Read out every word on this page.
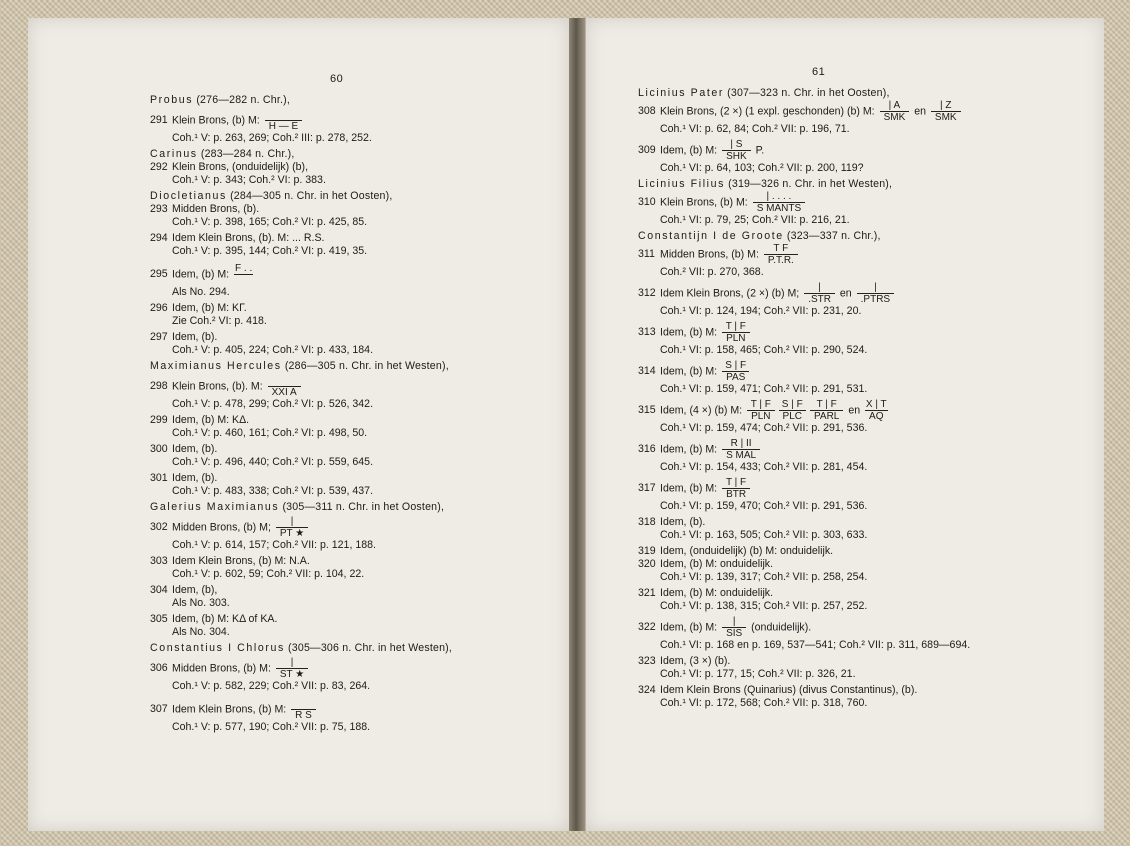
60
61
Probus (276—282 n. Chr.),
291 Klein Brons, (b) M:

H — E
Coh.¹ V: p. 263, 269; Coh.² III: p. 278, 252.
Carinus (283—284 n. Chr.),
292 Klein Brons, (onduidelijk) (b),
Coh.¹ V: p. 343; Coh.² VI: p. 383.
Diocletianus (284—305 n. Chr. in het Oosten),
293 Midden Brons, (b).
Coh.¹ V: p. 398, 165; Coh.² VI: p. 425, 85.
294 Idem Klein Brons, (b). M: ... R.S.
Coh.¹ V: p. 395, 144; Coh.² VI: p. 419, 35.
295 Idem, (b) M: F . .

Als No. 294.
296 Idem, (b) M: KΓ.
Zie Coh.² VI: p. 418.
297 Idem, (b).
Coh.¹ V: p. 405, 224; Coh.² VI: p. 433, 184.
Maximianus Hercules (286—305 n. Chr. in het Westen),
298 Klein Brons, (b). M:

XXI A
Coh.¹ V: p. 478, 299; Coh.² VI: p. 526, 342.
299 Idem, (b) M: KΔ.
Coh.¹ V: p. 460, 161; Coh.² VI: p. 498, 50.
300 Idem, (b).
Coh.¹ V: p. 496, 440; Coh.² VI: p. 559, 645.
301 Idem, (b).
Coh.¹ V: p. 483, 338; Coh.² VI: p. 539, 437.
Galerius Maximianus (305—311 n. Chr. in het Oosten),
302 Midden Brons, (b) M; $\frac{|}{PT ★}$
Coh.¹ V: p. 614, 157; Coh.² VII: p. 121, 188.
303 Idem Klein Brons, (b) M: N.A.
Coh.¹ V: p. 602, 59; Coh.² VII: p. 104, 22.
304 Idem, (b),
Als No. 303.
305 Idem, (b) M: KΔ of KA.
Als No. 304.
Constantius I Chlorus (305—306 n. Chr. in het Westen),
306 Midden Brons, (b) M: $\frac{|}{ST ★}$
Coh.¹ V: p. 582, 229; Coh.² VII: p. 83, 264.
307 Idem Klein Brons, (b) M:

R S
Coh.¹ V: p. 577, 190; Coh.² VII: p. 75, 188.
Licinius Pater (307—323 n. Chr. in het Oosten),
308 Klein Brons, (2 ×) (1 expl. geschonden) (b) M: $\frac{| A}{\text{SMK}}$ en $\frac{| Z}{\text{SMK}}$
Coh.¹ VI: p. 62, 84; Coh.² VII: p. 196, 71.
309 Idem, (b) M: $\frac{| S}{\text{SHK}} P$.
Coh.¹ VI: p. 64, 103; Coh.² VII: p. 200, 119?
Licinius Filius (319—326 n. Chr. in het Westen),
310 Klein Brons, (b) M: $\frac{| . . . .}{\text{S MANTS}}$
Coh.¹ VI: p. 79, 25; Coh.² VII: p. 216, 21.
Constantijn I de Groote (323—337 n. Chr.),
311 Midden Brons, (b) M: $\frac{\text{T F}}{P.T.R.}$
Coh.² VII: p. 270, 368.
312 Idem Klein Brons, (2 ×) (b) M; $\frac{|}{\text{.STR}}$ en $\frac{|}{\text{.PTRS}}$
Coh.¹ VI: p. 124, 194; Coh.² VII: p. 231, 20.
313 Idem, (b) M: $\frac{T | F}{\text{PLN}}$
Coh.¹ VI: p. 158, 465; Coh.² VII: p. 290, 524.
314 Idem, (b) M: $\frac{S | F}{\text{PAS}}$
Coh.¹ VI: p. 159, 471; Coh.² VII: p. 291, 531.
315 Idem, (4 ×) (b) M: $\frac{T | F}{\text{PLN}} \frac{S | F}{\text{PLC}} \frac{T | F}{\text{PARL}}$ en $\frac{X | T}{AQ}$
Coh.¹ VI: p. 159, 474; Coh.² VII: p. 291, 536.
316 Idem, (b) M: $\frac{R | II}{\text{S MAL}}$
Coh.¹ VI: p. 154, 433; Coh.² VII: p. 281, 454.
317 Idem, (b) M: $\frac{T | F}{\text{BTR}}$
Coh.¹ VI: p. 159, 470; Coh.² VII: p. 291, 536.
318 Idem, (b).
Coh.¹ VI: p. 163, 505; Coh.² VII: p. 303, 633.
319 Idem, (onduidelijk) (b) M: onduidelijk.
320 Idem, (b) M: onduidelijk.
Coh.¹ VI: p. 139, 317; Coh.² VII: p. 258, 254.
321 Idem, (b) M: onduidelijk.
Coh.¹ VI: p. 138, 315; Coh.² VII: p. 257, 252.
322 Idem, (b) M: $\frac{|}{\text{SIS}}$ (onduidelijk).
Coh.¹ VI: p. 168 en p. 169, 537—541; Coh.² VII: p. 311, 689—694.
323 Idem, (3 ×) (b).
Coh.¹ VI: p. 177, 15; Coh.² VII: p. 326, 21.
324 Idem Klein Brons (Quinarius) (divus Constantinus), (b).
Coh.¹ VI: p. 172, 568; Coh.² VII: p. 318, 760.
